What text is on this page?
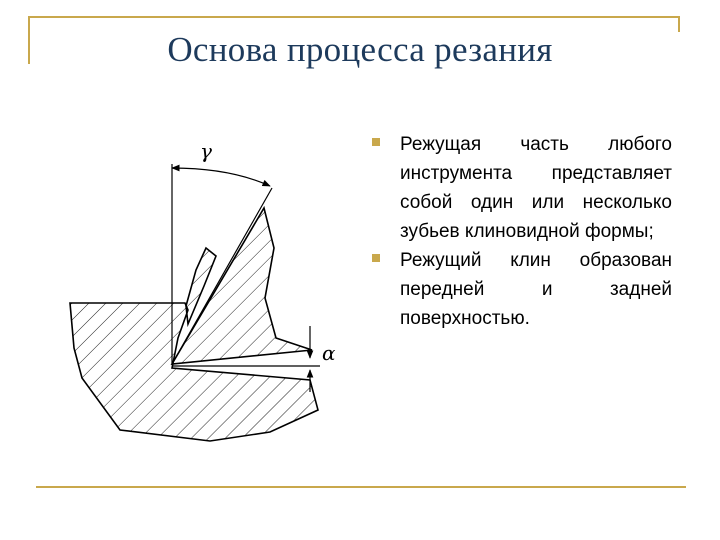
Основа процесса резания
γ
α
Режущая часть любого инструмента представляет собой один или несколько зубьев клиновидной формы;
Режущий клин образован передней и задней поверхностью.
